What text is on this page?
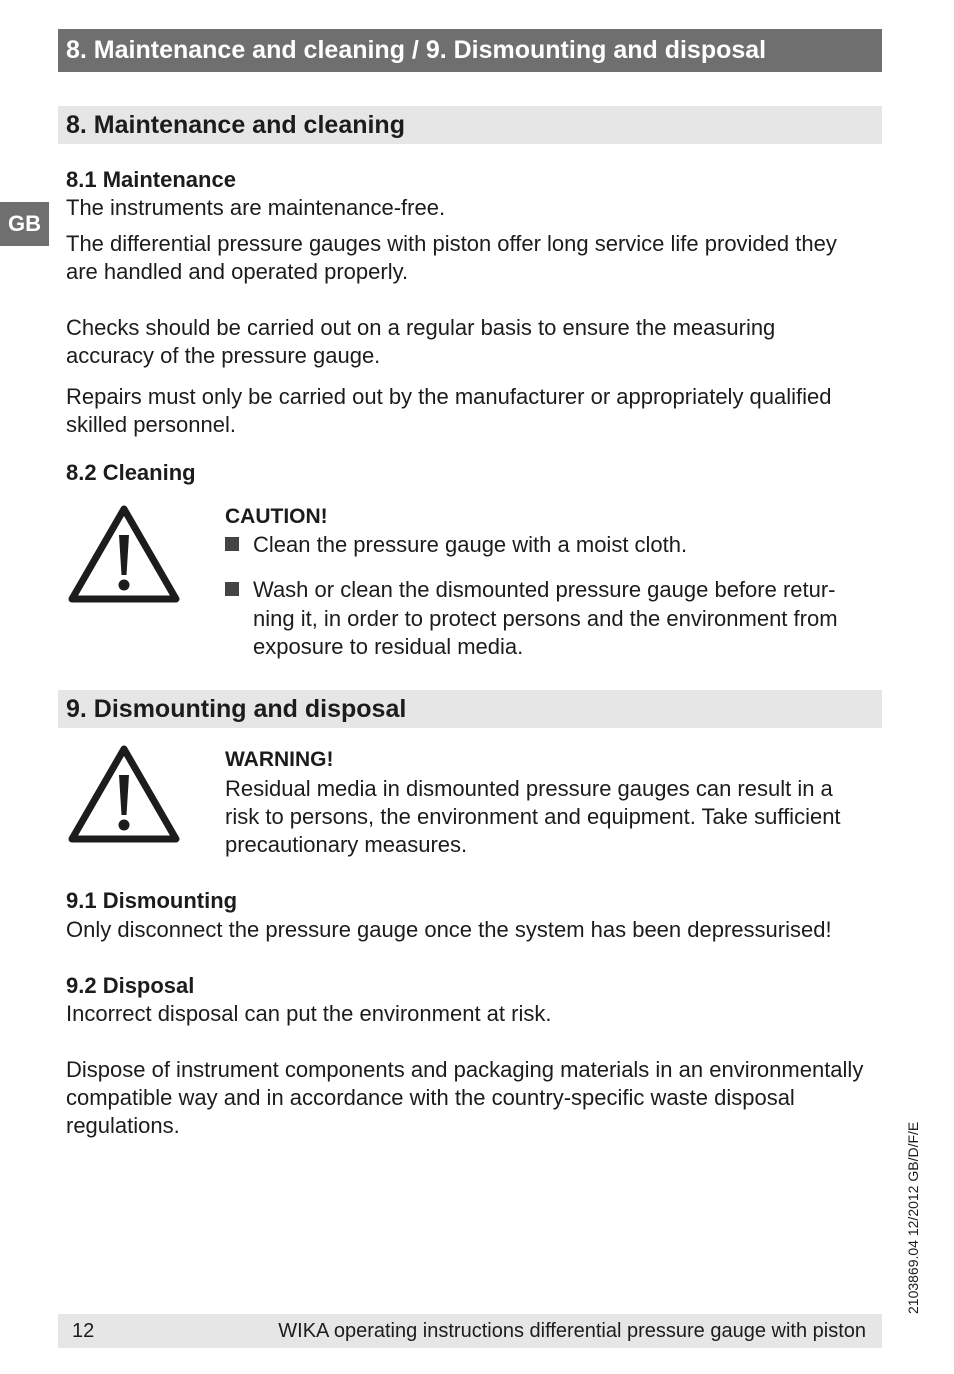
8. Maintenance and cleaning / 9. Dismounting and disposal
GB
8. Maintenance and cleaning
8.1 Maintenance
The instruments are maintenance-free.
The differential pressure gauges with piston offer long service life provided they are handled and operated properly.
Checks should be carried out on a regular basis to ensure the measuring accuracy of the pressure gauge.
Repairs must only be carried out by the manufacturer or appropriately qualified skilled personnel.
8.2 Cleaning
CAUTION!
Clean the pressure gauge with a moist cloth.
Wash or clean the dismounted pressure gauge before retur-ning it, in order to protect persons and the environment from exposure to residual media.
9. Dismounting and disposal
WARNING!
Residual media in dismounted pressure gauges can result in a risk to persons, the environment and equipment. Take sufficient precautionary measures.
9.1 Dismounting
Only disconnect the pressure gauge once the system has been depressurised!
9.2 Disposal
Incorrect disposal can put the environment at risk.
Dispose of instrument components and packaging materials in an environmentally compatible way and in accordance with the country-specific waste disposal regulations.	2103869.04 12/2012 GB/D/F/E
12	WIKA operating instructions differential pressure gauge with piston
